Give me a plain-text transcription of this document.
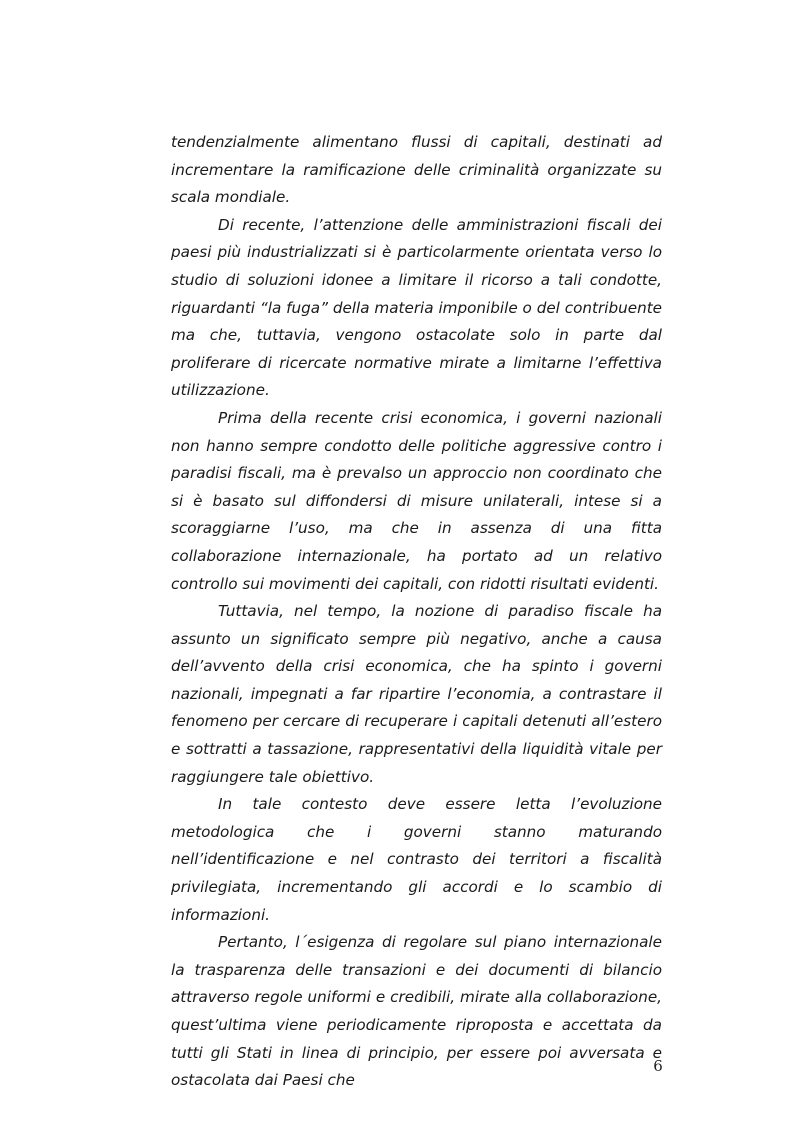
tendenzialmente alimentano flussi di capitali, destinati ad incrementare la ramificazione delle criminalità organizzate su scala mondiale.

Di recente, l’attenzione delle amministrazioni fiscali dei paesi più industrializzati si è particolarmente orientata verso lo studio di soluzioni idonee a limitare il ricorso a tali condotte, riguardanti “la fuga” della materia imponibile o del contribuente ma che, tuttavia, vengono ostacolate solo in parte dal proliferare di ricercate normative mirate a limitarne l’effettiva utilizzazione.

Prima della recente crisi economica, i governi nazionali non hanno sempre condotto delle politiche aggressive contro i paradisi fiscali, ma è prevalso un approccio non coordinato che si è basato sul diffondersi di misure unilaterali, intese si a scoraggiarne l’uso, ma che in assenza di una fitta collaborazione internazionale, ha portato ad un relativo controllo sui movimenti dei capitali, con ridotti risultati evidenti.

Tuttavia, nel tempo, la nozione di paradiso fiscale ha assunto un significato sempre più negativo, anche a causa dell’avvento della crisi economica, che ha spinto i governi nazionali, impegnati a far ripartire l’economia, a contrastare il fenomeno per cercare di recuperare i capitali detenuti all’estero e sottratti a tassazione, rappresentativi della liquidità vitale per raggiungere tale obiettivo.

In tale contesto deve essere letta l’evoluzione metodologica che i governi stanno maturando nell’identificazione e nel contrasto dei territori a fiscalità privilegiata, incrementando gli accordi e lo scambio di informazioni.

Pertanto, l´esigenza di regolare sul piano internazionale la trasparenza delle transazioni e dei documenti di bilancio attraverso regole uniformi e credibili, mirate alla collaborazione, quest’ultima viene periodicamente riproposta e accettata da tutti gli Stati in linea di principio, per essere poi avversata e ostacolata dai Paesi che

6
